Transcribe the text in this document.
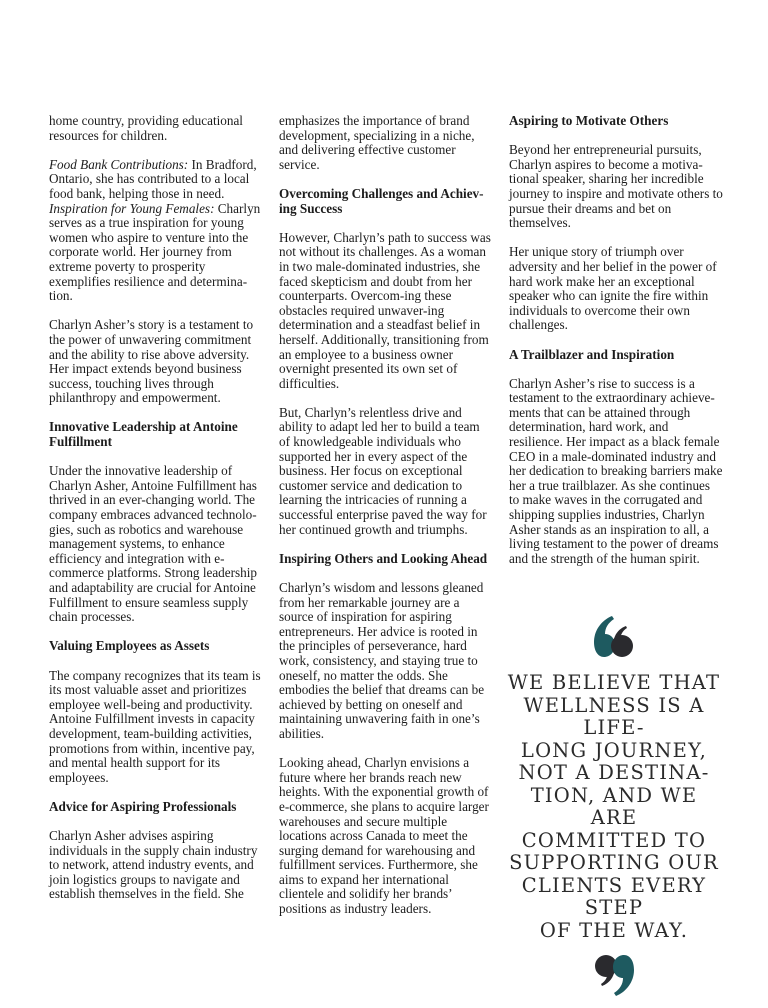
home country, providing educational resources for children.

Food Bank Contributions: In Bradford, Ontario, she has contributed to a local food bank, helping those in need.

Inspiration for Young Females: Charlyn serves as a true inspiration for young women who aspire to venture into the corporate world. Her journey from extreme poverty to prosperity exemplifies resilience and determina-tion.

Charlyn Asher’s story is a testament to the power of unwavering commitment and the ability to rise above adversity. Her impact extends beyond business success, touching lives through philanthropy and empowerment.

Innovative Leadership at Antoine Fulfillment

Under the innovative leadership of Charlyn Asher, Antoine Fulfillment has thrived in an ever-changing world. The company embraces advanced technolo-gies, such as robotics and warehouse management systems, to enhance efficiency and integration with e-commerce platforms. Strong leadership and adaptability are crucial for Antoine Fulfillment to ensure seamless supply chain processes.

Valuing Employees as Assets

The company recognizes that its team is its most valuable asset and prioritizes employee well-being and productivity. Antoine Fulfillment invests in capacity development, team-building activities, promotions from within, incentive pay, and mental health support for its employees.

Advice for Aspiring Professionals

Charlyn Asher advises aspiring individuals in the supply chain industry to network, attend industry events, and join logistics groups to navigate and establish themselves in the field. She

emphasizes the importance of brand development, specializing in a niche, and delivering effective customer service.

Overcoming Challenges and Achiev-ing Success

However, Charlyn’s path to success was not without its challenges. As a woman in two male-dominated industries, she faced skepticism and doubt from her counterparts. Overcom-ing these obstacles required unwaver-ing determination and a steadfast belief in herself. Additionally, transitioning from an employee to a business owner overnight presented its own set of difficulties.

But, Charlyn’s relentless drive and ability to adapt led her to build a team of knowledgeable individuals who supported her in every aspect of the business. Her focus on exceptional customer service and dedication to learning the intricacies of running a successful enterprise paved the way for her continued growth and triumphs.

Inspiring Others and Looking Ahead

Charlyn’s wisdom and lessons gleaned from her remarkable journey are a source of inspiration for aspiring entrepreneurs. Her advice is rooted in the principles of perseverance, hard work, consistency, and staying true to oneself, no matter the odds. She embodies the belief that dreams can be achieved by betting on oneself and maintaining unwavering faith in one’s abilities.

Looking ahead, Charlyn envisions a future where her brands reach new heights. With the exponential growth of e-commerce, she plans to acquire larger warehouses and secure multiple locations across Canada to meet the surging demand for warehousing and fulfillment services. Furthermore, she aims to expand her international clientele and solidify her brands’ positions as industry leaders.

Aspiring to Motivate Others

Beyond her entrepreneurial pursuits, Charlyn aspires to become a motiva-tional speaker, sharing her incredible journey to inspire and motivate others to pursue their dreams and bet on themselves.

Her unique story of triumph over adversity and her belief in the power of hard work make her an exceptional speaker who can ignite the fire within individuals to overcome their own challenges.

A Trailblazer and Inspiration

Charlyn Asher’s rise to success is a testament to the extraordinary achieve-ments that can be attained through determination, hard work, and resilience. Her impact as a black female CEO in a male-dominated industry and her dedication to breaking barriers make her a true trailblazer. As she continues to make waves in the corrugated and shipping supplies industries, Charlyn Asher stands as an inspiration to all, a living testament to the power of dreams and the strength of the human spirit.

WE BELIEVE THAT
WELLNESS IS A LIFE-
LONG JOURNEY,
NOT A DESTINA-
TION, AND WE ARE
COMMITTED TO
SUPPORTING OUR
CLIENTS EVERY STEP
OF THE WAY.
